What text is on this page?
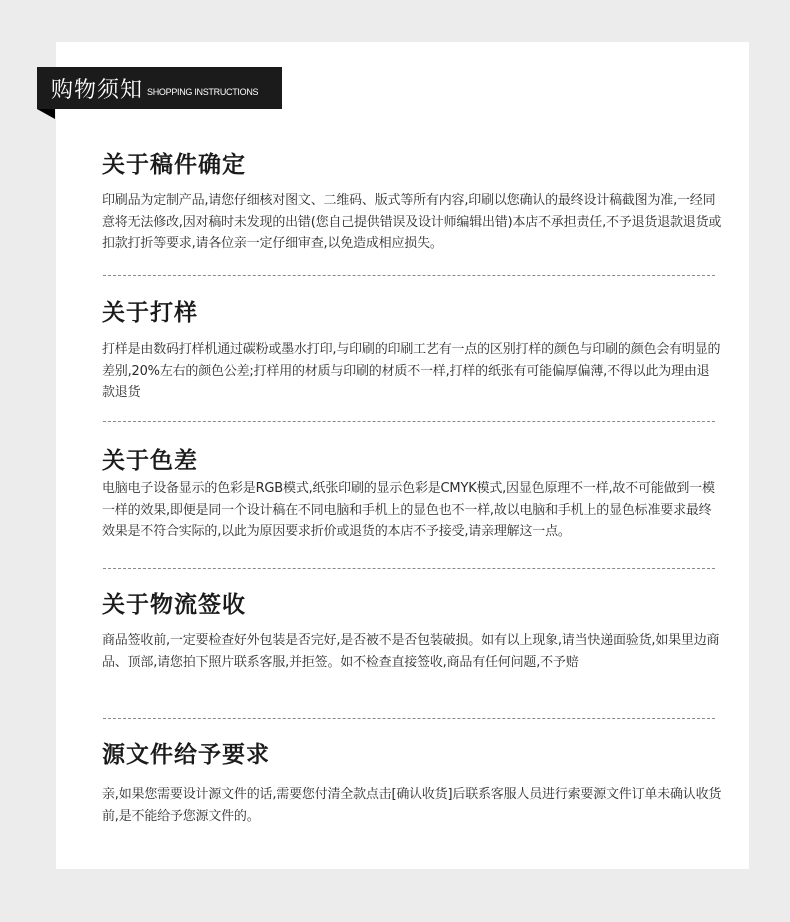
购物须知 SHOPPING INSTRUCTIONS
关于稿件确定
印刷品为定制产品,请您仔细核对图文、二维码、版式等所有内容,印刷以您确认的最终设计稿截图为准,一经同意将无法修改,因对稿时未发现的出错(您自己提供错误及设计师编辑出错)本店不承担责任,不予退货退款退货或扣款打折等要求,请各位亲一定仔细审查,以免造成相应损失。
关于打样
打样是由数码打样机通过碳粉或墨水打印,与印刷的印刷工艺有一点的区别打样的颜色与印刷的颜色会有明显的差别,20%左右的颜色公差;打样用的材质与印刷的材质不一样,打样的纸张有可能偏厚偏薄,不得以此为理由退款退货
关于色差
电脑电子设备显示的色彩是RGB模式,纸张印刷的显示色彩是CMYK模式,因显色原理不一样,故不可能做到一模一样的效果,即便是同一个设计稿在不同电脑和手机上的显色也不一样,故以电脑和手机上的显色标准要求最终效果是不符合实际的,以此为原因要求折价或退货的本店不予接受,请亲理解这一点。
关于物流签收
商品签收前,一定要检查好外包装是否完好,是否被不是否包装破损。如有以上现象,请当快递面验货,如果里边商品、顶部,请您拍下照片联系客服,并拒签。如不检查直接签收,商品有任何问题,不予赔
源文件给予要求
亲,如果您需要设计源文件的话,需要您付清全款点击[确认收货]后联系客服人员进行索要源文件订单未确认收货前,是不能给予您源文件的。
